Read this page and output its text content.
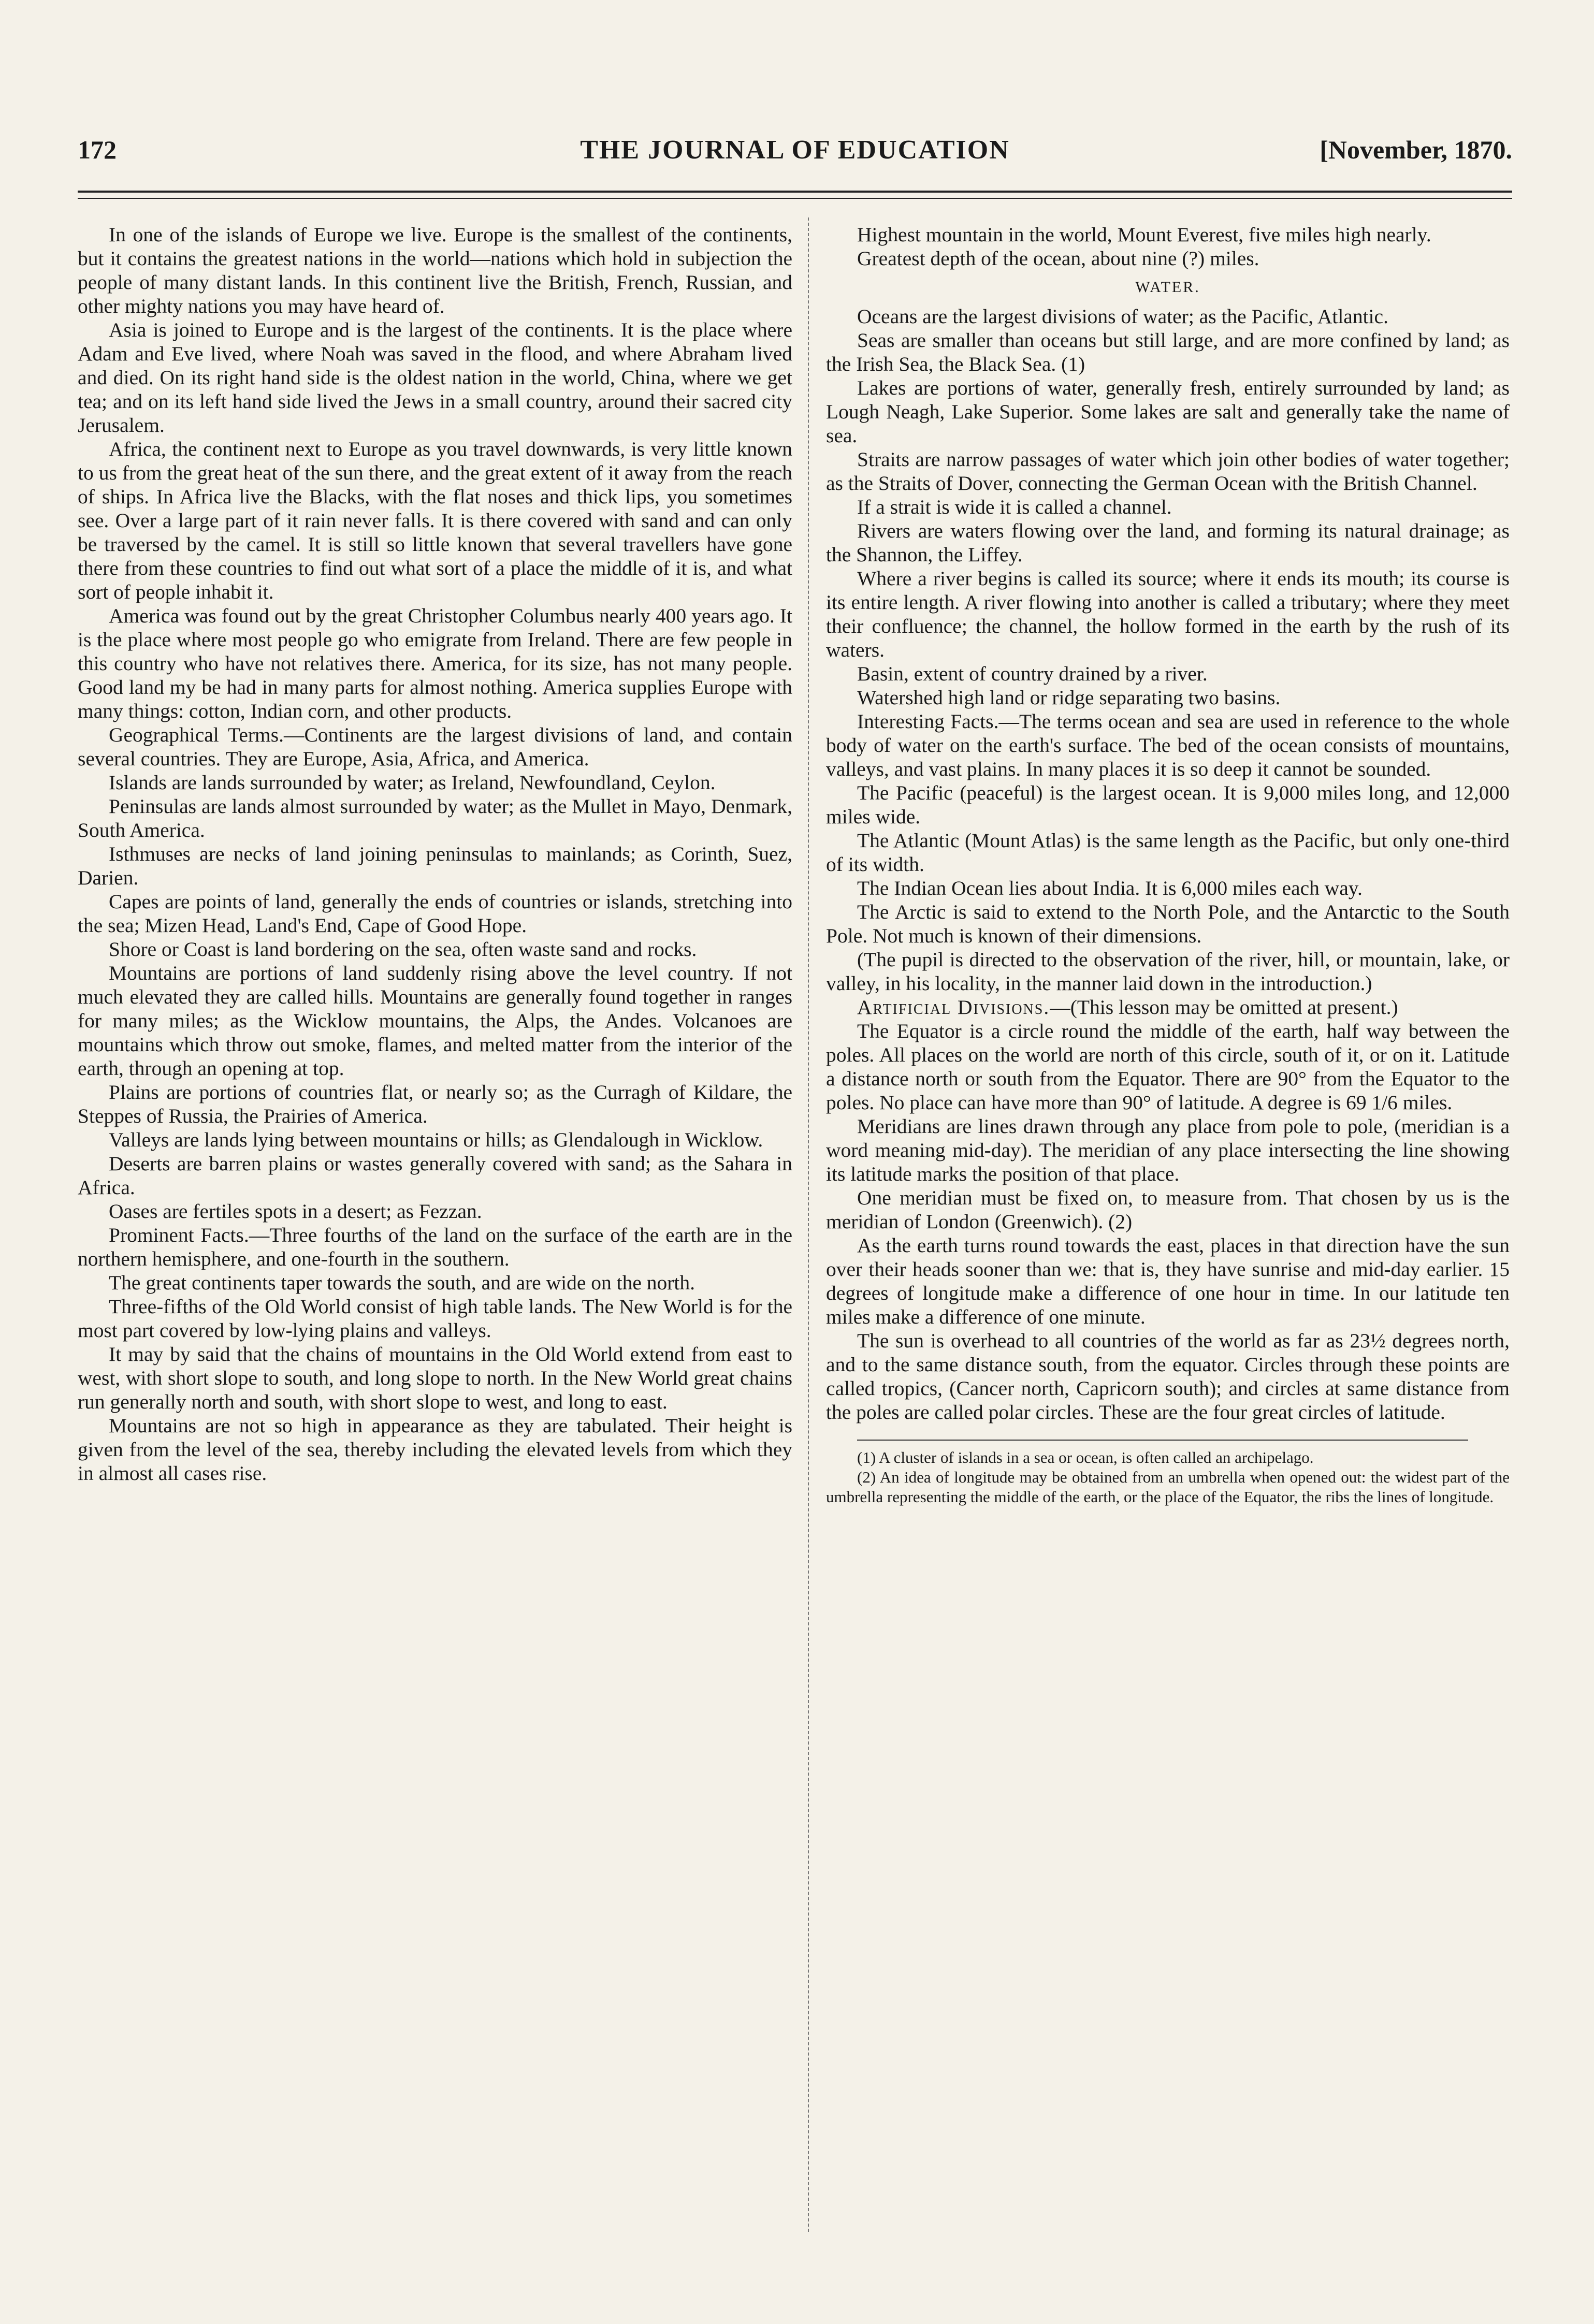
172	THE JOURNAL OF EDUCATION	[November, 1870.

In one of the islands of Europe we live. Europe is the smallest of the continents, but it contains the greatest nations in the world—nations which hold in subjection the people of many distant lands. In this continent live the British, French, Russian, and other mighty nations you may have heard of.

Asia is joined to Europe and is the largest of the continents. It is the place where Adam and Eve lived, where Noah was saved in the flood, and where Abraham lived and died. On its right hand side is the oldest nation in the world, China, where we get tea; and on its left hand side lived the Jews in a small country, around their sacred city Jerusalem.

Africa, the continent next to Europe as you travel downwards, is very little known to us from the great heat of the sun there, and the great extent of it away from the reach of ships. In Africa live the Blacks, with the flat noses and thick lips, you sometimes see. Over a large part of it rain never falls. It is there covered with sand and can only be traversed by the camel. It is still so little known that several travellers have gone there from these countries to find out what sort of a place the middle of it is, and what sort of people inhabit it.

America was found out by the great Christopher Columbus nearly 400 years ago. It is the place where most people go who emigrate from Ireland. There are few people in this country who have not relatives there. America, for its size, has not many people. Good land my be had in many parts for almost nothing. America supplies Europe with many things: cotton, Indian corn, and other products.

Geographical Terms.—Continents are the largest divisions of land, and contain several countries. They are Europe, Asia, Africa, and America.

Islands are lands surrounded by water; as Ireland, Newfoundland, Ceylon.

Peninsulas are lands almost surrounded by water; as the Mullet in Mayo, Denmark, South America.

Isthmuses are necks of land joining peninsulas to mainlands; as Corinth, Suez, Darien.

Capes are points of land, generally the ends of countries or islands, stretching into the sea; Mizen Head, Land's End, Cape of Good Hope.

Shore or Coast is land bordering on the sea, often waste sand and rocks.

Mountains are portions of land suddenly rising above the level country. If not much elevated they are called hills. Mountains are generally found together in ranges for many miles; as the Wicklow mountains, the Alps, the Andes. Volcanoes are mountains which throw out smoke, flames, and melted matter from the interior of the earth, through an opening at top.

Plains are portions of countries flat, or nearly so; as the Curragh of Kildare, the Steppes of Russia, the Prairies of America.

Valleys are lands lying between mountains or hills; as Glendalough in Wicklow.

Deserts are barren plains or wastes generally covered with sand; as the Sahara in Africa.

Oases are fertiles spots in a desert; as Fezzan.

Prominent Facts.—Three fourths of the land on the surface of the earth are in the northern hemisphere, and one-fourth in the southern.

The great continents taper towards the south, and are wide on the north.

Three-fifths of the Old World consist of high table lands. The New World is for the most part covered by low-lying plains and valleys.

It may by said that the chains of mountains in the Old World extend from east to west, with short slope to south, and long slope to north. In the New World great chains run generally north and south, with short slope to west, and long to east.

Mountains are not so high in appearance as they are tabulated. Their height is given from the level of the sea, thereby including the elevated levels from which they in almost all cases rise.

Highest mountain in the world, Mount Everest, five miles high nearly.

Greatest depth of the ocean, about nine (?) miles.

WATER.

Oceans are the largest divisions of water; as the Pacific, Atlantic.

Seas are smaller than oceans but still large, and are more confined by land; as the Irish Sea, the Black Sea. (1)

Lakes are portions of water, generally fresh, entirely surrounded by land; as Lough Neagh, Lake Superior. Some lakes are salt and generally take the name of sea.

Straits are narrow passages of water which join other bodies of water together; as the Straits of Dover, connecting the German Ocean with the British Channel.

If a strait is wide it is called a channel.

Rivers are waters flowing over the land, and forming its natural drainage; as the Shannon, the Liffey.

Where a river begins is called its source; where it ends its mouth; its course is its entire length. A river flowing into another is called a tributary; where they meet their confluence; the channel, the hollow formed in the earth by the rush of its waters.

Basin, extent of country drained by a river.

Watershed high land or ridge separating two basins.

Interesting Facts.—The terms ocean and sea are used in reference to the whole body of water on the earth's surface. The bed of the ocean consists of mountains, valleys, and vast plains. In many places it is so deep it cannot be sounded.

The Pacific (peaceful) is the largest ocean. It is 9,000 miles long, and 12,000 miles wide.

The Atlantic (Mount Atlas) is the same length as the Pacific, but only one-third of its width.

The Indian Ocean lies about India. It is 6,000 miles each way.

The Arctic is said to extend to the North Pole, and the Antarctic to the South Pole. Not much is known of their dimensions.

(The pupil is directed to the observation of the river, hill, or mountain, lake, or valley, in his locality, in the manner laid down in the introduction.)

Artificial Divisions.—(This lesson may be omitted at present.)

The Equator is a circle round the middle of the earth, half way between the poles. All places on the world are north of this circle, south of it, or on it. Latitude a distance north or south from the Equator. There are 90° from the Equator to the poles. No place can have more than 90° of latitude. A degree is 69 1/6 miles.

Meridians are lines drawn through any place from pole to pole, (meridian is a word meaning mid-day). The meridian of any place intersecting the line showing its latitude marks the position of that place.

One meridian must be fixed on, to measure from. That chosen by us is the meridian of London (Greenwich). (2)

As the earth turns round towards the east, places in that direction have the sun over their heads sooner than we: that is, they have sunrise and mid-day earlier. 15 degrees of longitude make a difference of one hour in time. In our latitude ten miles make a difference of one minute.

The sun is overhead to all countries of the world as far as 23½ degrees north, and to the same distance south, from the equator. Circles through these points are called tropics, (Cancer north, Capricorn south); and circles at same distance from the poles are called polar circles. These are the four great circles of latitude.

(1) A cluster of islands in a sea or ocean, is often called an archipelago.

(2) An idea of longitude may be obtained from an umbrella when opened out: the widest part of the umbrella representing the middle of the earth, or the place of the Equator, the ribs the lines of longitude.
